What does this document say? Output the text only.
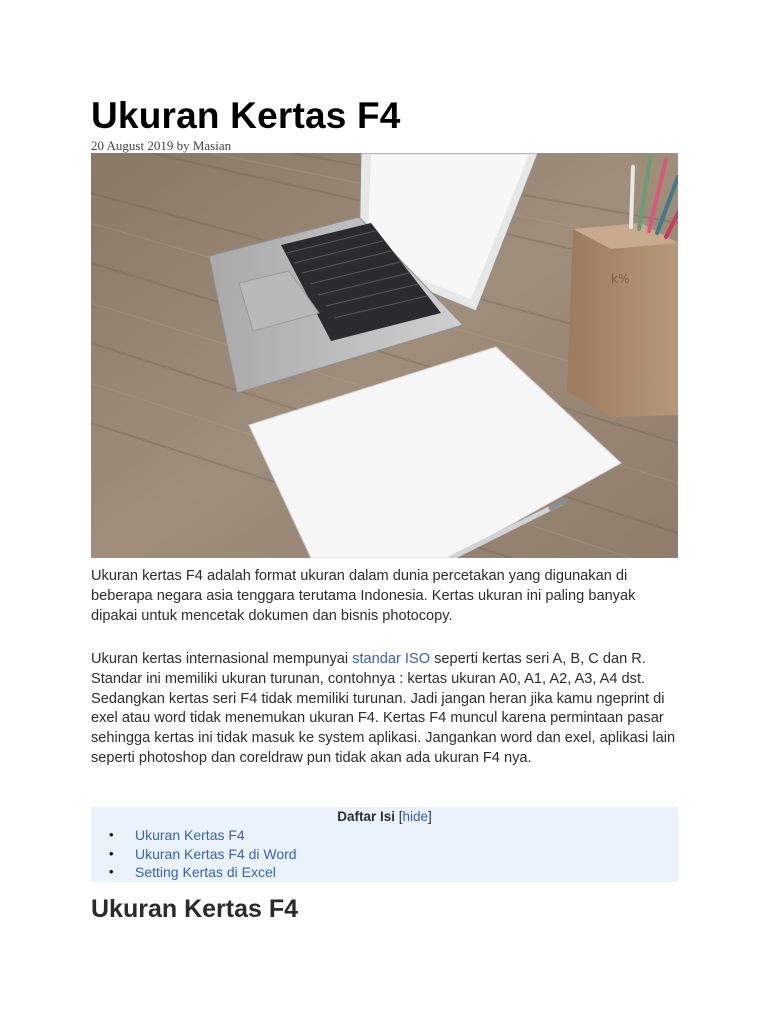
Ukuran Kertas F4
20 August 2019 by Masian
k%

Ukuran kertas F4 adalah format ukuran dalam dunia percetakan yang digunakan di beberapa negara asia tenggara terutama Indonesia. Kertas ukuran ini paling banyak dipakai untuk mencetak dokumen dan bisnis photocopy.

Ukuran kertas internasional mempunyai standar ISO seperti kertas seri A, B, C dan R. Standar ini memiliki ukuran turunan, contohnya : kertas ukuran A0, A1, A2, A3, A4 dst. Sedangkan kertas seri F4 tidak memiliki turunan. Jadi jangan heran jika kamu ngeprint di exel atau word tidak menemukan ukuran F4. Kertas F4 muncul karena permintaan pasar sehingga kertas ini tidak masuk ke system aplikasi. Jangankan word dan exel, aplikasi lain seperti photoshop dan coreldraw pun tidak akan ada ukuran F4 nya.

Daftar Isi [hide]
• Ukuran Kertas F4
• Ukuran Kertas F4 di Word
• Setting Kertas di Excel
Ukuran Kertas F4
